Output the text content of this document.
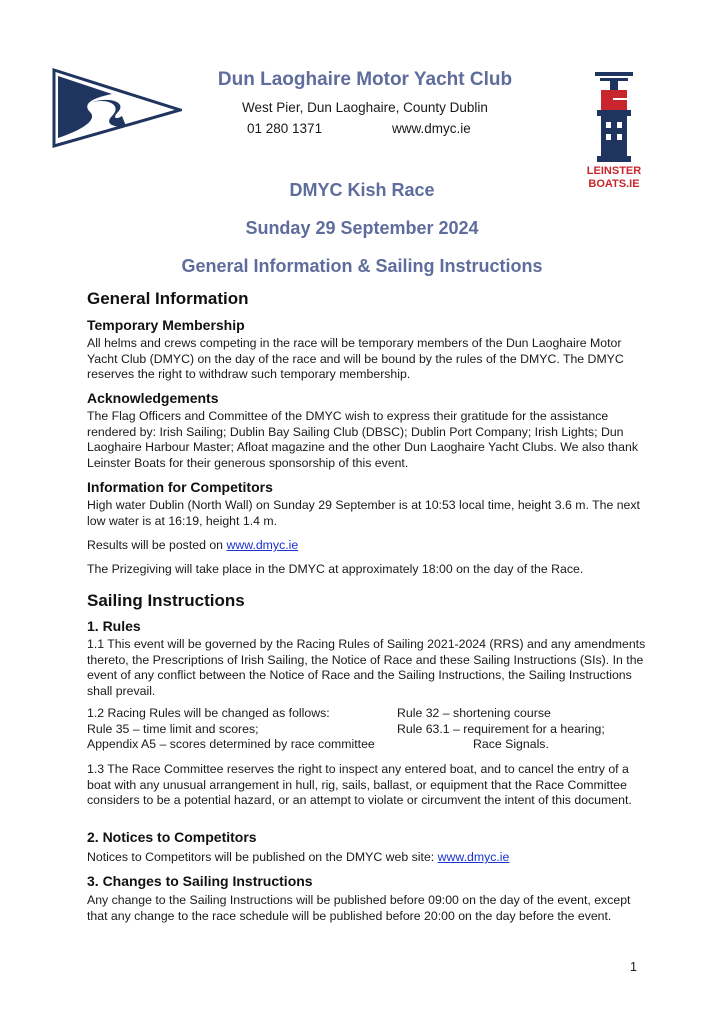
Dun Laoghaire Motor Yacht Club
West Pier, Dun Laoghaire, County Dublin
01 280 1371	www.dmyc.ie
LEINSTER
BOATS.IE
DMYC Kish Race
Sunday 29 September 2024
General Information & Sailing Instructions
General Information
Temporary Membership
All helms and crews competing in the race will be temporary members of the Dun Laoghaire Motor Yacht Club (DMYC) on the day of the race and will be bound by the rules of the DMYC. The DMYC reserves the right to withdraw such temporary membership.
Acknowledgements
The Flag Officers and Committee of the DMYC wish to express their gratitude for the assistance rendered by: Irish Sailing; Dublin Bay Sailing Club (DBSC); Dublin Port Company; Irish Lights; Dun Laoghaire Harbour Master; Afloat magazine and the other Dun Laoghaire Yacht Clubs. We also thank Leinster Boats for their generous sponsorship of this event.
Information for Competitors
High water Dublin (North Wall) on Sunday 29 September is at 10:53 local time, height 3.6 m. The next low water is at 16:19, height 1.4 m.
Results will be posted on www.dmyc.ie
The Prizegiving will take place in the DMYC at approximately 18:00 on the day of the Race.
Sailing Instructions
1. Rules
1.1 This event will be governed by the Racing Rules of Sailing 2021-2024 (RRS) and any amendments thereto, the Prescriptions of Irish Sailing, the Notice of Race and these Sailing Instructions (SIs). In the event of any conflict between the Notice of Race and the Sailing Instructions, the Sailing Instructions shall prevail.
1.2 Racing Rules will be changed as follows:	Rule 32 – shortening course
Rule 35 – time limit and scores;	Rule 63.1 – requirement for a hearing;
Appendix A5 – scores determined by race committee	Race Signals.
1.3 The Race Committee reserves the right to inspect any entered boat, and to cancel the entry of a boat with any unusual arrangement in hull, rig, sails, ballast, or equipment that the Race Committee considers to be a potential hazard, or an attempt to violate or circumvent the intent of this document.
2. Notices to Competitors
Notices to Competitors will be published on the DMYC web site: www.dmyc.ie
3. Changes to Sailing Instructions
Any change to the Sailing Instructions will be published before 09:00 on the day of the event, except that any change to the race schedule will be published before 20:00 on the day before the event.
1
